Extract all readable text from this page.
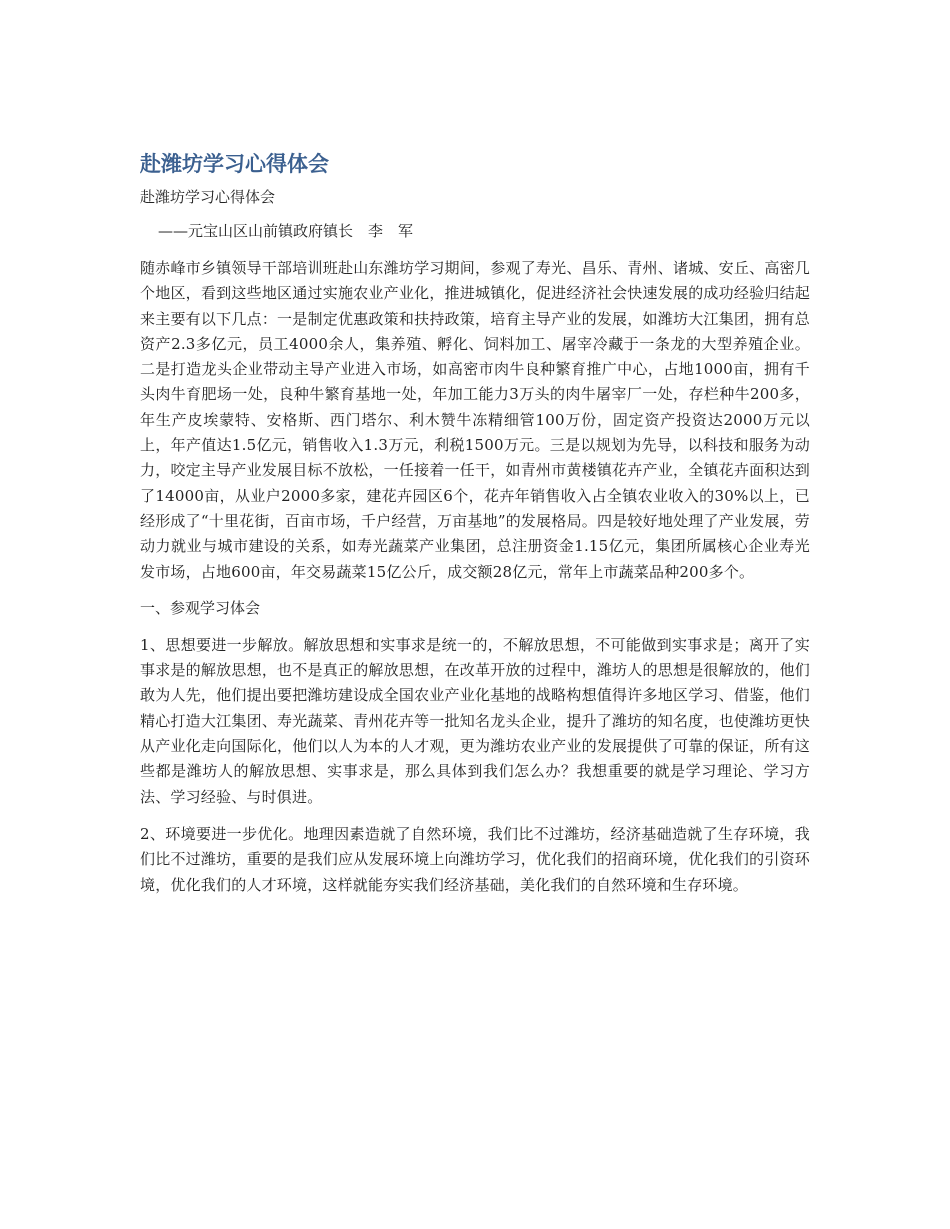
赴潍坊学习心得体会
赴潍坊学习心得体会
——元宝山区山前镇政府镇长　李　军

随赤峰市乡镇领导干部培训班赴山东潍坊学习期间，参观了寿光、昌乐、青州、诸城、安丘、高密几个地区，看到这些地区通过实施农业产业化，推进城镇化，促进经济社会快速发展的成功经验归结起来主要有以下几点：一是制定优惠政策和扶持政策，培育主导产业的发展，如潍坊大江集团，拥有总资产2.3多亿元，员工4000余人，集养殖、孵化、饲料加工、屠宰冷藏于一条龙的大型养殖企业。二是打造龙头企业带动主导产业进入市场，如高密市肉牛良种繁育推广中心，占地1000亩，拥有千头肉牛育肥场一处，良种牛繁育基地一处，年加工能力3万头的肉牛屠宰厂一处，存栏种牛200多，年生产皮埃蒙特、安格斯、西门塔尔、利木赞牛冻精细管100万份，固定资产投资达2000万元以上，年产值达1.5亿元，销售收入1.3万元，利税1500万元。三是以规划为先导，以科技和服务为动力，咬定主导产业发展目标不放松，一任接着一任干，如青州市黄楼镇花卉产业，全镇花卉面积达到了14000亩，从业户2000多家，建花卉园区6个，花卉年销售收入占全镇农业收入的30%以上，已经形成了“十里花街，百亩市场，千户经营，万亩基地”的发展格局。四是较好地处理了产业发展，劳动力就业与城市建设的关系，如寿光蔬菜产业集团，总注册资金1.15亿元，集团所属核心企业寿光发市场，占地600亩，年交易蔬菜15亿公斤，成交额28亿元，常年上市蔬菜品种200多个。

一、参观学习体会

1、思想要进一步解放。解放思想和实事求是统一的，不解放思想，不可能做到实事求是；离开了实事求是的解放思想，也不是真正的解放思想，在改革开放的过程中，潍坊人的思想是很解放的，他们敢为人先，他们提出要把潍坊建设成全国农业产业化基地的战略构想值得许多地区学习、借鉴，他们精心打造大江集团、寿光蔬菜、青州花卉等一批知名龙头企业，提升了潍坊的知名度，也使潍坊更快从产业化走向国际化，他们以人为本的人才观，更为潍坊农业产业的发展提供了可靠的保证，所有这些都是潍坊人的解放思想、实事求是，那么具体到我们怎么办？我想重要的就是学习理论、学习方法、学习经验、与时俱进。

2、环境要进一步优化。地理因素造就了自然环境，我们比不过潍坊，经济基础造就了生存环境，我们比不过潍坊，重要的是我们应从发展环境上向潍坊学习，优化我们的招商环境，优化我们的引资环境，优化我们的人才环境，这样就能夯实我们经济基础，美化我们的自然环境和生存环境。
